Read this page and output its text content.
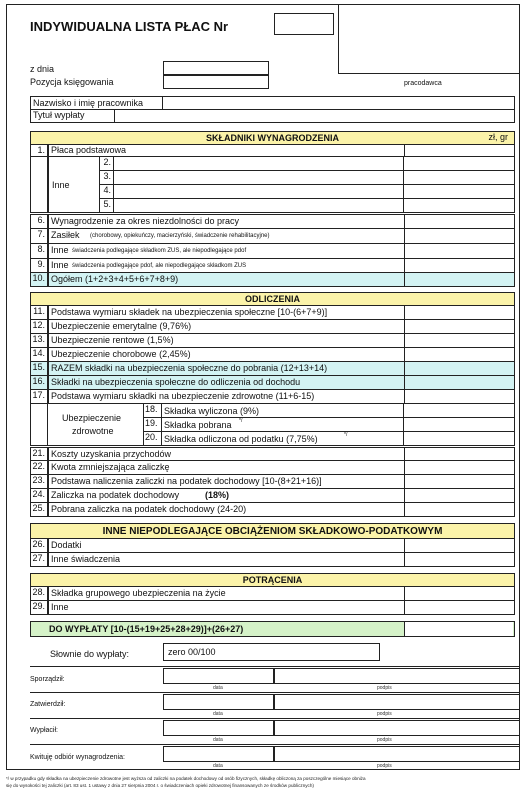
INDYWIDUALNA LISTA PŁAC Nr
pracodawca
z dnia
Pozycja księgowania
Nazwisko i imię pracownika
Tytuł wypłaty
SKŁADNIKI WYNAGRODZENIA	zł, gr
1. Płaca podstawowa
Inne
2.
3.
4.
5.
6. Wynagrodzenie za okres niezdolności do pracy
7. Zasiłek (chorobowy, opiekuńczy, macierzyński, świadczenie rehabilitacyjne)
8. Inne świadczenia podlegające składkom ZUS, ale niepodlegające pdof
9. Inne świadczenia podlegające pdof, ale niepodlegające składkom ZUS
10. Ogółem (1+2+3+4+5+6+7+8+9)
ODLICZENIA
11. Podstawa wymiaru składek na ubezpieczenia społeczne [10-(6+7+9)]
12. Ubezpieczenie emerytalne (9,76%)
13. Ubezpieczenie rentowe (1,5%)
14. Ubezpieczenie chorobowe (2,45%)
15. RAZEM składki na ubezpieczenia społeczne do pobrania (12+13+14)
16. Składki na ubezpieczenia społeczne do odliczenia od dochodu
17. Podstawa wymiaru składki na ubezpieczenie zdrowotne (11+6-15)
Ubezpieczenie
zdrowotne
18. Składka wyliczona (9%)
19. Składka pobrana */
20. Składka odliczona od podatku (7,75%)	*/
21. Koszty uzyskania przychodów
22. Kwota zmniejszająca zaliczkę
23. Podstawa naliczenia zaliczki na podatek dochodowy [10-(8+21+16)]
24. Zaliczka na podatek dochodowy	(18%)
25. Pobrana zaliczka na podatek dochodowy (24-20)
INNE NIEPODLEGAJĄCE OBCIĄŻENIOM SKŁADKOWO-PODATKOWYM
26. Dodatki
27. Inne świadczenia
POTRĄCENIA
28. Składka grupowego ubezpieczenia na życie
29. Inne
DO WYPŁATY [10-(15+19+25+28+29)]+(26+27)
Słownie do wypłaty:	zero 00/100
Sporządził:
data	podpis
Zatwierdził:
data	podpis
Wypłacił:
data	podpis
Kwituję odbiór wynagrodzenia:
data	podpis
*/ w przypadku gdy składka na ubezpieczenie zdrowotne jest wyższa od zaliczki na podatek dochodowy od osób fizycznych, składkę obliczoną za poszczególne miesiące obniża
się do wysokości tej zaliczki (art. 83 ust. 1 ustawy z dnia 27 sierpnia 2004 r. o świadczeniach opieki zdrowotnej finansowanych ze środków publicznych)
